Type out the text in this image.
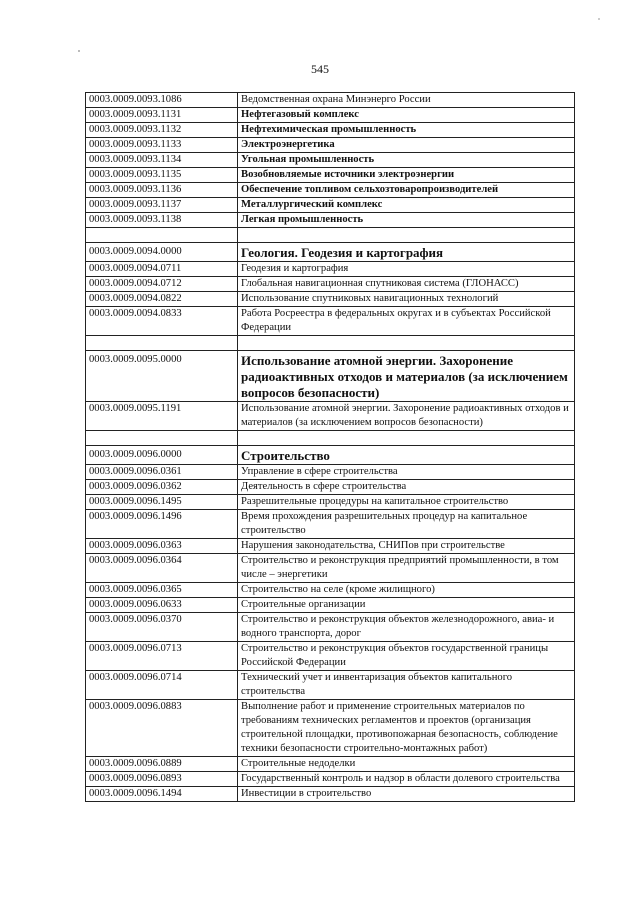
545
0003.0009.0093.1086	Ведомственная охрана Минэнерго России
0003.0009.0093.1131	Нефтегазовый комплекс
0003.0009.0093.1132	Нефтехимическая промышленность
0003.0009.0093.1133	Электроэнергетика
0003.0009.0093.1134	Угольная промышленность
0003.0009.0093.1135	Возобновляемые источники электроэнергии
0003.0009.0093.1136	Обеспечение топливом сельхозтоваропроизводителей
0003.0009.0093.1137	Металлургический комплекс
0003.0009.0093.1138	Легкая промышленность

0003.0009.0094.0000	Геология. Геодезия и картография
0003.0009.0094.0711	Геодезия и картография
0003.0009.0094.0712	Глобальная навигационная спутниковая система (ГЛОНАСС)
0003.0009.0094.0822	Использование спутниковых навигационных технологий
0003.0009.0094.0833	Работа Росреестра в федеральных округах и в субъектах Российской Федерации

0003.0009.0095.0000	Использование атомной энергии. Захоронение радиоактивных отходов и материалов (за исключением вопросов безопасности)
0003.0009.0095.1191	Использование атомной энергии. Захоронение радиоактивных отходов и материалов (за исключением вопросов безопасности)

0003.0009.0096.0000	Строительство
0003.0009.0096.0361	Управление в сфере строительства
0003.0009.0096.0362	Деятельность в сфере строительства
0003.0009.0096.1495	Разрешительные процедуры на капитальное строительство
0003.0009.0096.1496	Время прохождения разрешительных процедур на капитальное строительство
0003.0009.0096.0363	Нарушения законодательства, СНИПов при строительстве
0003.0009.0096.0364	Строительство и реконструкция предприятий промышленности, в том числе – энергетики
0003.0009.0096.0365	Строительство на селе (кроме жилищного)
0003.0009.0096.0633	Строительные организации
0003.0009.0096.0370	Строительство и реконструкция объектов железнодорожного, авиа- и водного транспорта, дорог
0003.0009.0096.0713	Строительство и реконструкция объектов государственной границы Российской Федерации
0003.0009.0096.0714	Технический учет и инвентаризация объектов капитального строительства
0003.0009.0096.0883	Выполнение работ и применение строительных материалов по требованиям технических регламентов и проектов (организация строительной площадки, противопожарная безопасность, соблюдение техники безопасности строительно-монтажных работ)
0003.0009.0096.0889	Строительные недоделки
0003.0009.0096.0893	Государственный контроль и надзор в области долевого строительства
0003.0009.0096.1494	Инвестиции в строительство
